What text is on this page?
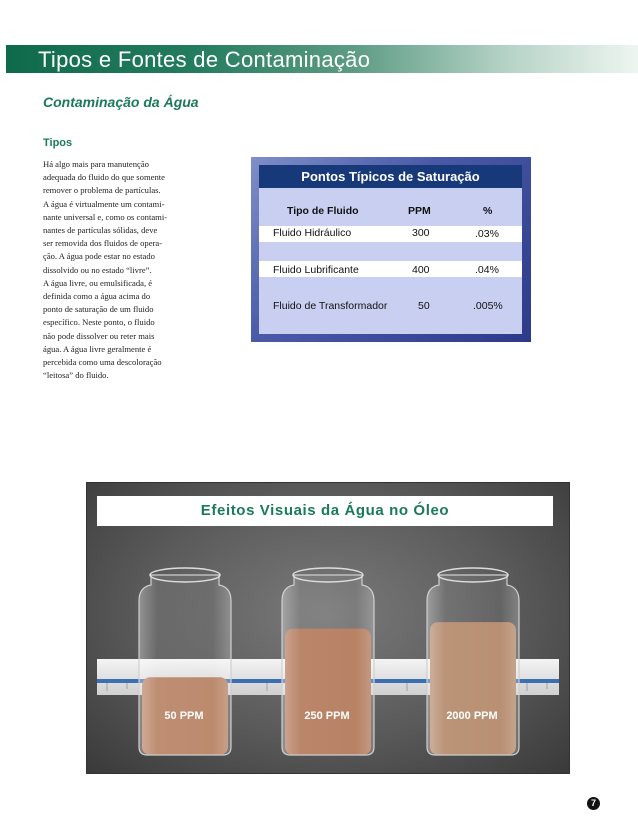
Tipos e Fontes de Contaminação
Contaminação da Água
Tipos

Há algo mais para manutenção
adequada do fluido do que somente
remover o problema de partículas.
A água é virtualmente um contami-
nante universal e, como os contami-
nantes de partículas sólidas, deve
ser removida dos fluidos de opera-
ção. A água pode estar no estado
dissolvido ou no estado “livre”.
A água livre, ou emulsificada, é
definida como a água acima do
ponto de saturação de um fluido
específico. Neste ponto, o fluido
não pode dissolver ou reter mais
água. A água livre geralmente é
percebida como uma descoloração
“leitosa” do fluido.

Pontos Típicos de Saturação
Tipo de Fluido	PPM	%
Fluido Hidráulico	300	.03%
Fluido Lubrificante	400	.04%
Fluido de Transformador	50	.005%
Efeitos Visuais da Água no Óleo
50 PPM	250 PPM	2000 PPM
7
